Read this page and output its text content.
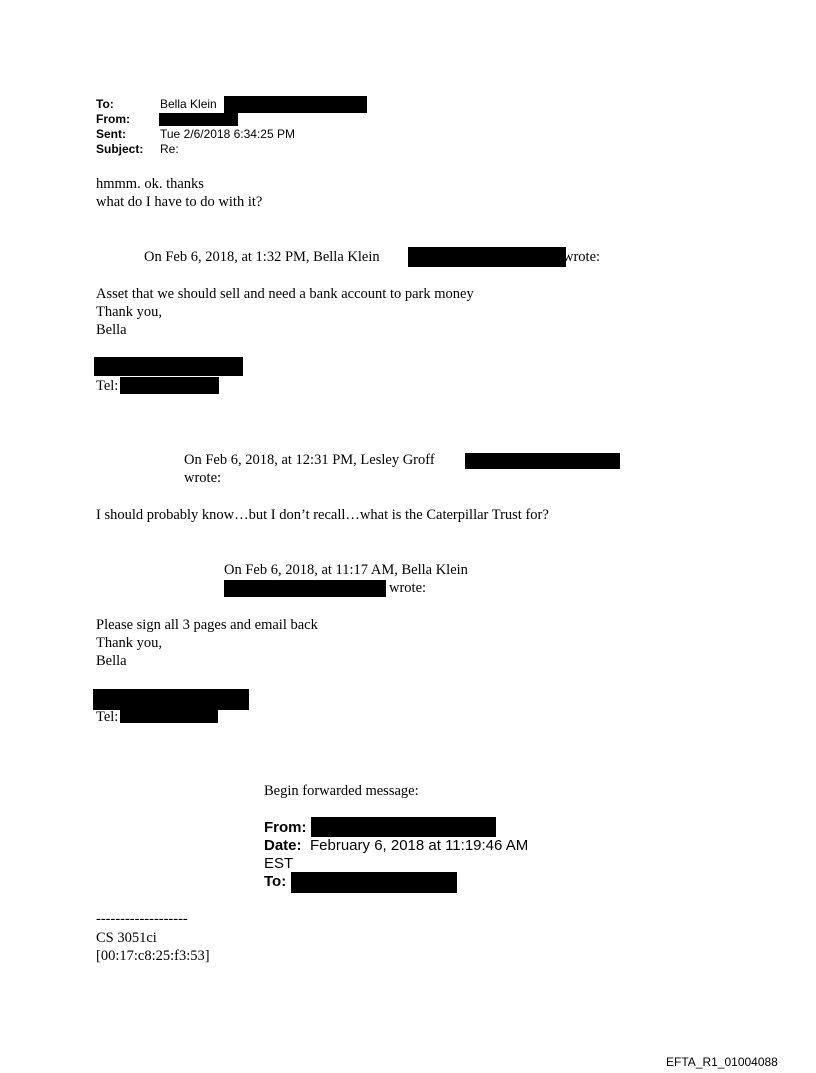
To:	Bella Klein
From:
Sent:	Tue 2/6/2018 6:34:25 PM
Subject: Re:
hmmm. ok. thanks
what do I have to do with it?
On Feb 6, 2018, at 1:32 PM, Bella Klein	wrote:
Asset that we should sell and need a bank account to park money
Thank you,
Bella
Tel:
On Feb 6, 2018, at 12:31 PM, Lesley Groff
wrote:
I should probably know…but I don’t recall…what is the Caterpillar Trust for?
On Feb 6, 2018, at 11:17 AM, Bella Klein
wrote:
Please sign all 3 pages and email back
Thank you,
Bella
Tel:
Begin forwarded message:
From:
Date: February 6, 2018 at 11:19:46 AM
EST
To:
-------------------
CS 3051ci
[00:17:c8:25:f3:53]
EFTA_R1_01004088
